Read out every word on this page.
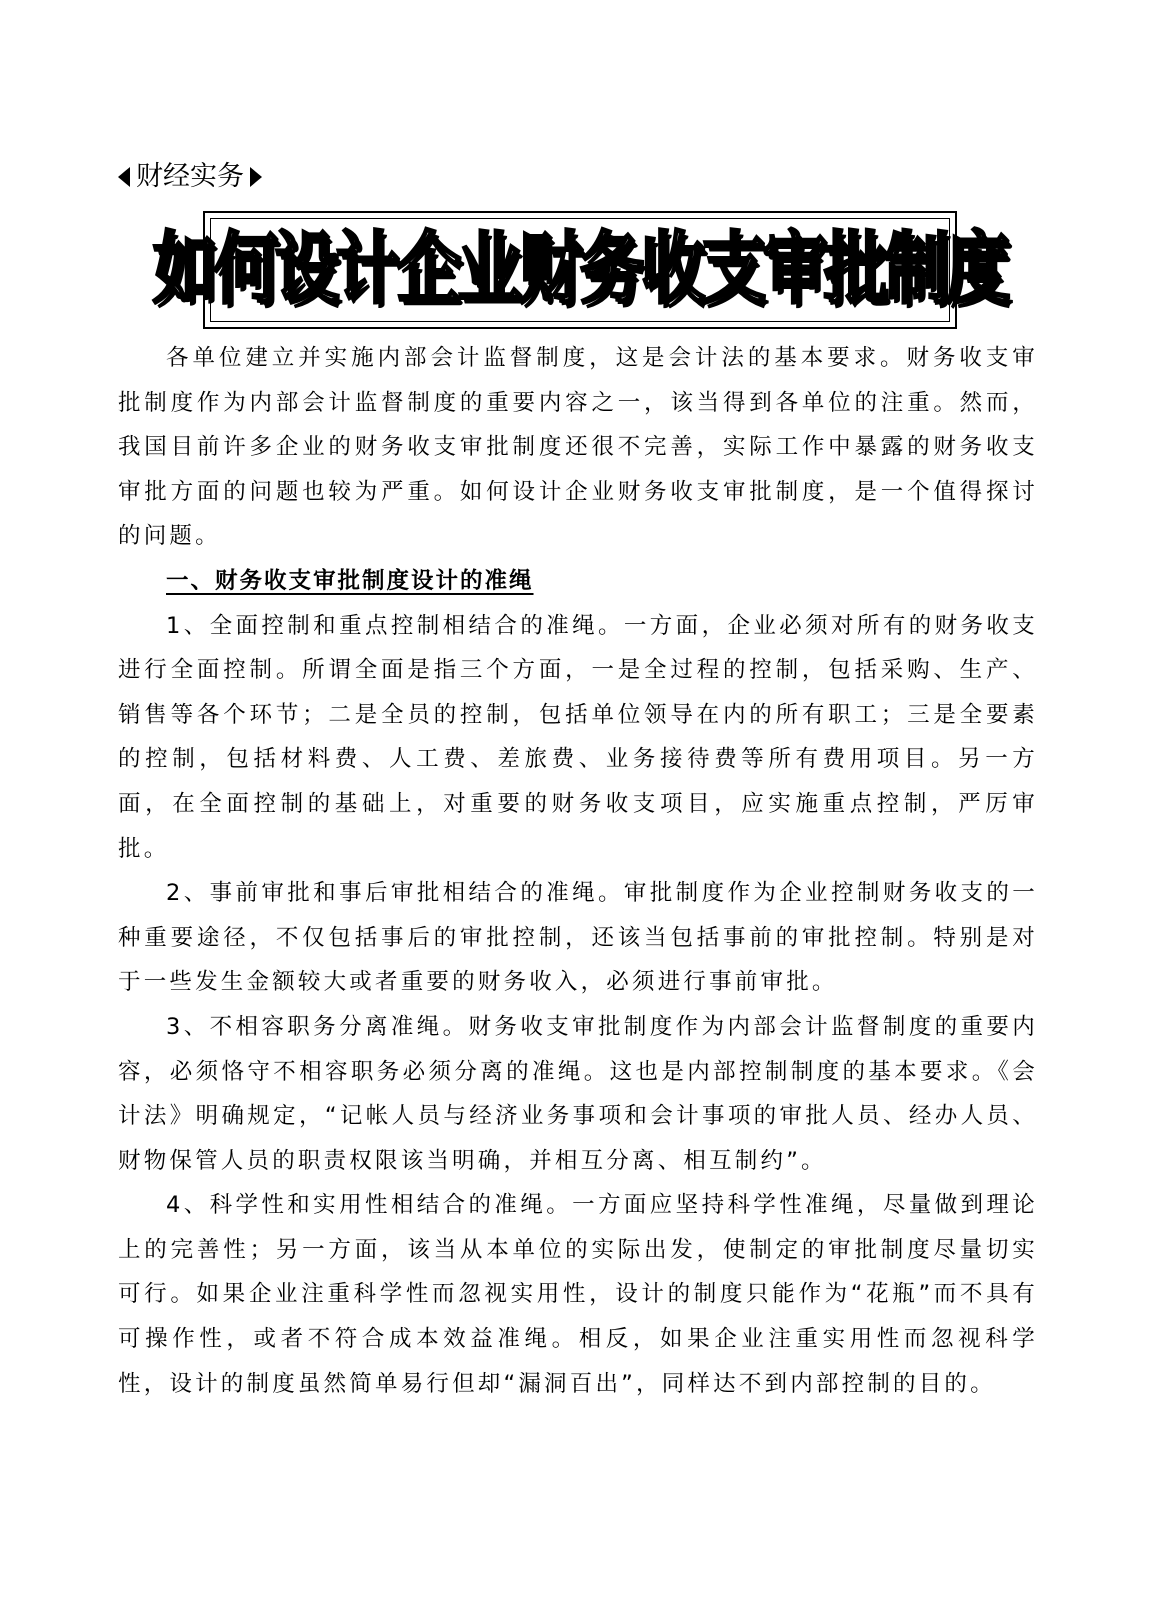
财经实务
如何设计企业财务收支审批制度

各单位建立并实施内部会计监督制度，这是会计法的基本要求。财务收支审批制度作为内部会计监督制度的重要内容之一，该当得到各单位的注重。然而，我国目前许多企业的财务收支审批制度还很不完善，实际工作中暴露的财务收支审批方面的问题也较为严重。如何设计企业财务收支审批制度，是一个值得探讨的问题。

一、财务收支审批制度设计的准绳

1、全面控制和重点控制相结合的准绳。一方面，企业必须对所有的财务收支进行全面控制。所谓全面是指三个方面，一是全过程的控制，包括采购、生产、销售等各个环节；二是全员的控制，包括单位领导在内的所有职工；三是全要素的控制，包括材料费、人工费、差旅费、业务接待费等所有费用项目。另一方面，在全面控制的基础上，对重要的财务收支项目，应实施重点控制，严厉审批。

2、事前审批和事后审批相结合的准绳。审批制度作为企业控制财务收支的一种重要途径，不仅包括事后的审批控制，还该当包括事前的审批控制。特别是对于一些发生金额较大或者重要的财务收入，必须进行事前审批。

3、不相容职务分离准绳。财务收支审批制度作为内部会计监督制度的重要内容，必须恪守不相容职务必须分离的准绳。这也是内部控制制度的基本要求。《会计法》明确规定，“记帐人员与经济业务事项和会计事项的审批人员、经办人员、财物保管人员的职责权限该当明确，并相互分离、相互制约”。

4、科学性和实用性相结合的准绳。一方面应坚持科学性准绳，尽量做到理论上的完善性；另一方面，该当从本单位的实际出发，使制定的审批制度尽量切实可行。如果企业注重科学性而忽视实用性，设计的制度只能作为“花瓶”而不具有可操作性，或者不符合成本效益准绳。相反，如果企业注重实用性而忽视科学性，设计的制度虽然简单易行但却“漏洞百出”，同样达不到内部控制的目的。
